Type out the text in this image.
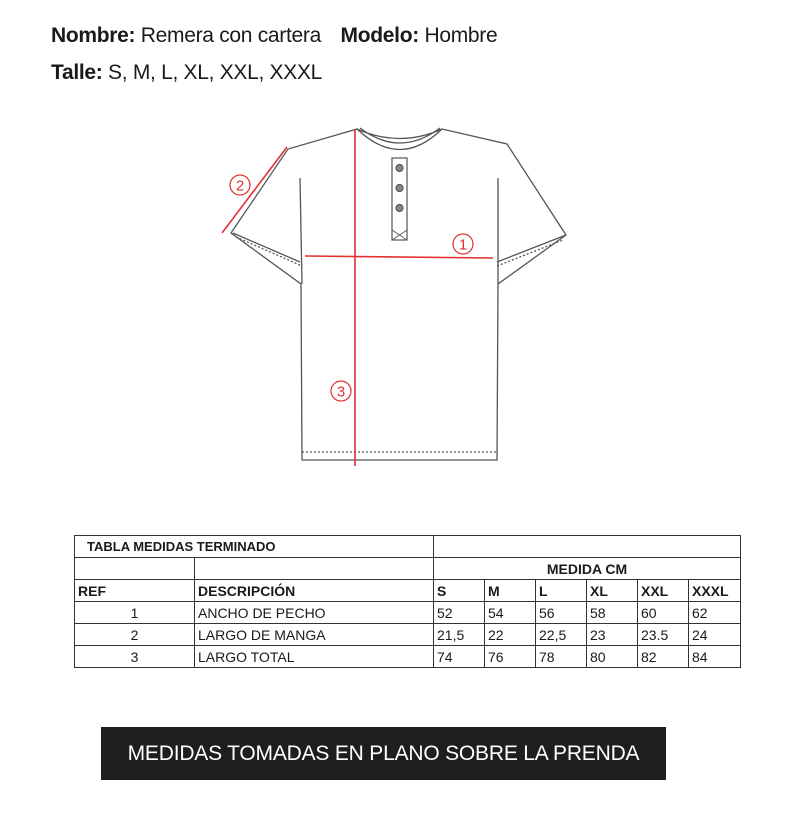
Nombre: Remera con cartera Modelo: Hombre
Talle: S, M, L, XL, XXL, XXXL
1
2
3
TABLA MEDIDAS TERMINADO							
		MEDIDA CM					
REF	DESCRIPCIÓN	S	M	L	XL	XXL	XXXL
1	ANCHO DE PECHO	52	54	56	58	60	62
2	LARGO DE MANGA	21,5	22	22,5	23	23.5	24
3	LARGO TOTAL	74	76	78	80	82	84
MEDIDAS TOMADAS EN PLANO SOBRE LA PRENDA
